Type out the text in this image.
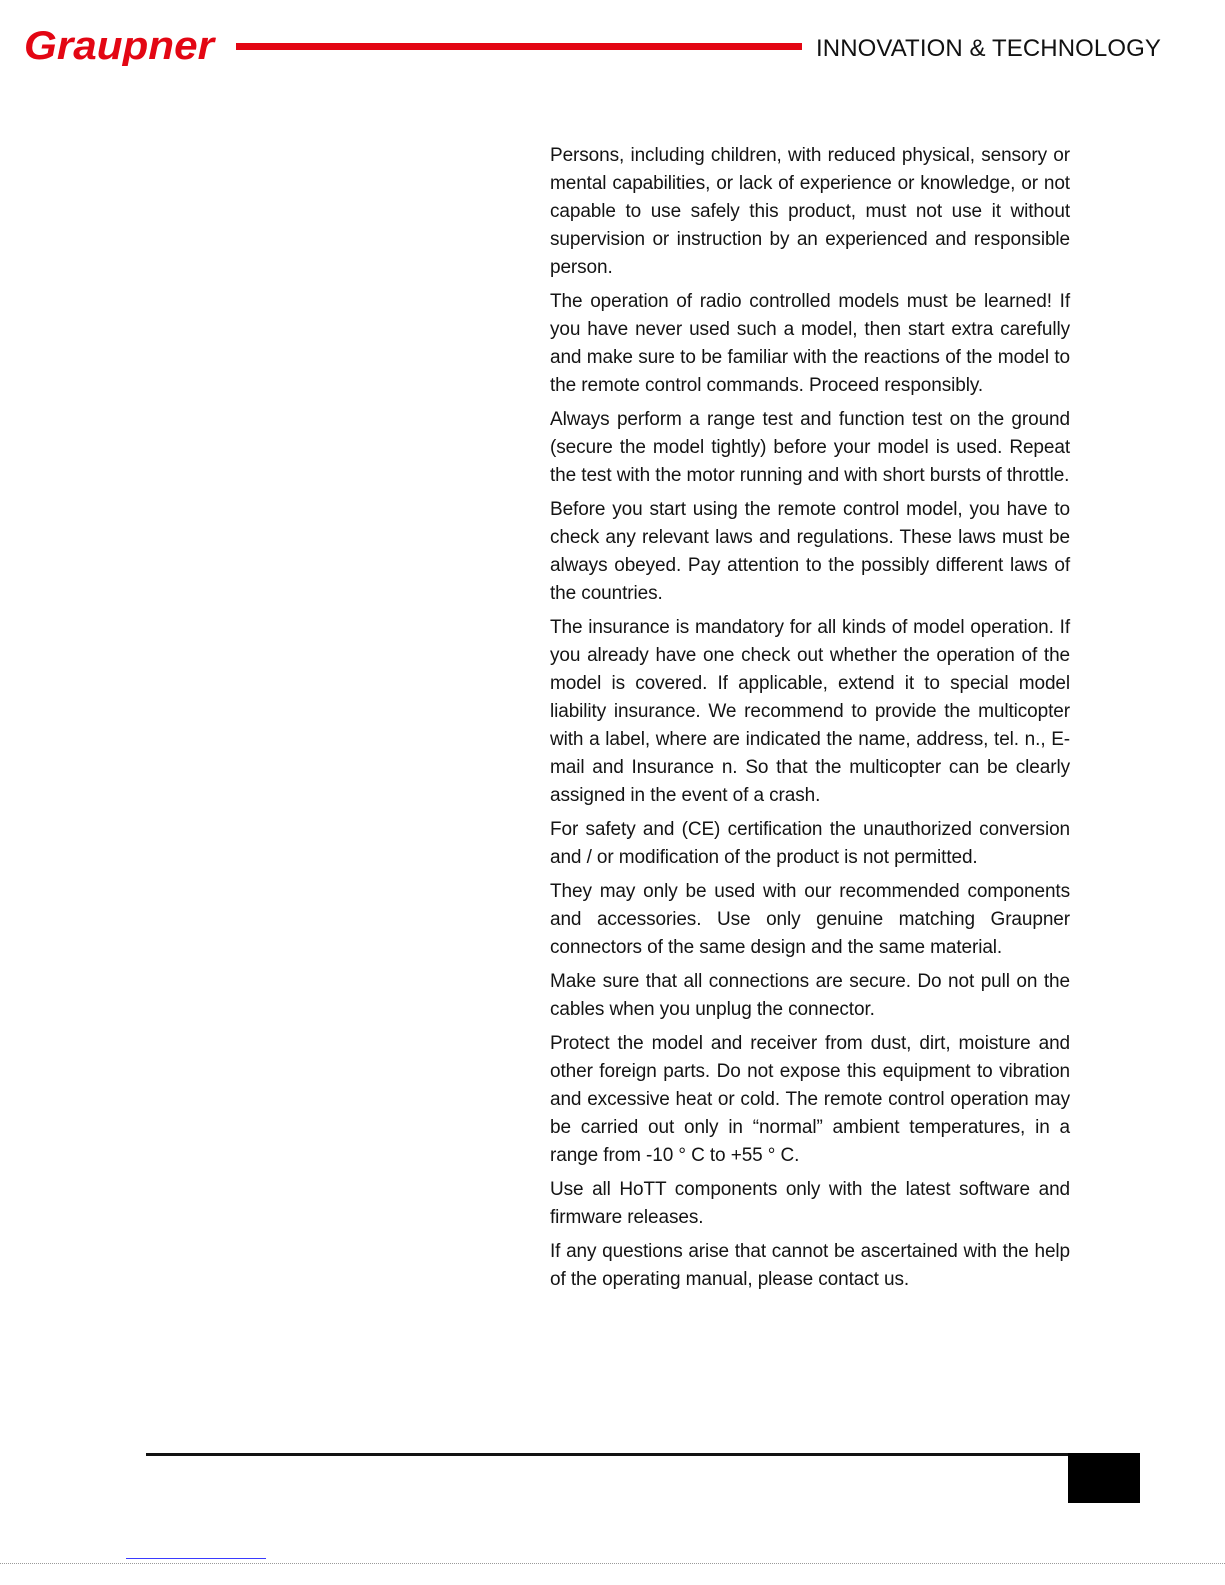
Graupner	INNOVATION & TECHNOLOGY

Persons, including children, with reduced physical, sensory or mental capabilities, or lack of experience or knowledge, or not capable to use safely this product, must not use it without supervision or instruction by an experienced and responsible person.

The operation of radio controlled models must be learned! If you have never used such a model, then start extra carefully and make sure to be familiar with the reactions of the model to the remote control commands. Proceed responsibly.

Always perform a range test and function test on the ground (secure the model tightly) before your model is used. Repeat the test with the motor running and with short bursts of throttle.

Before you start using the remote control model, you have to check any relevant laws and regulations. These laws must be always obeyed. Pay attention to the possibly different laws of the countries.

The insurance is mandatory for all kinds of model operation. If you already have one check out whether the operation of the model is covered. If applicable, extend it to special model liability insurance. We recommend to provide the multicopter with a label, where are indicated the name, address, tel. n., E-mail and Insurance n. So that the multicopter can be clearly assigned in the event of a crash.

For safety and (CE) certification the unauthorized conversion and / or modification of the product is not permitted.

They may only be used with our recommended components and accessories. Use only genuine matching Graupner connectors of the same design and the same material.

Make sure that all connections are secure. Do not pull on the cables when you unplug the connector.

Protect the model and receiver from dust, dirt, moisture and other foreign parts. Do not expose this equipment to vibration and excessive heat or cold. The remote control operation may be carried out only in “normal” ambient temperatures, in a range from -10 ° C to +55 ° C.

Use all HoTT components only with the latest software and firmware releases.

If any questions arise that cannot be ascertained with the help of the operating manual, please contact us.
